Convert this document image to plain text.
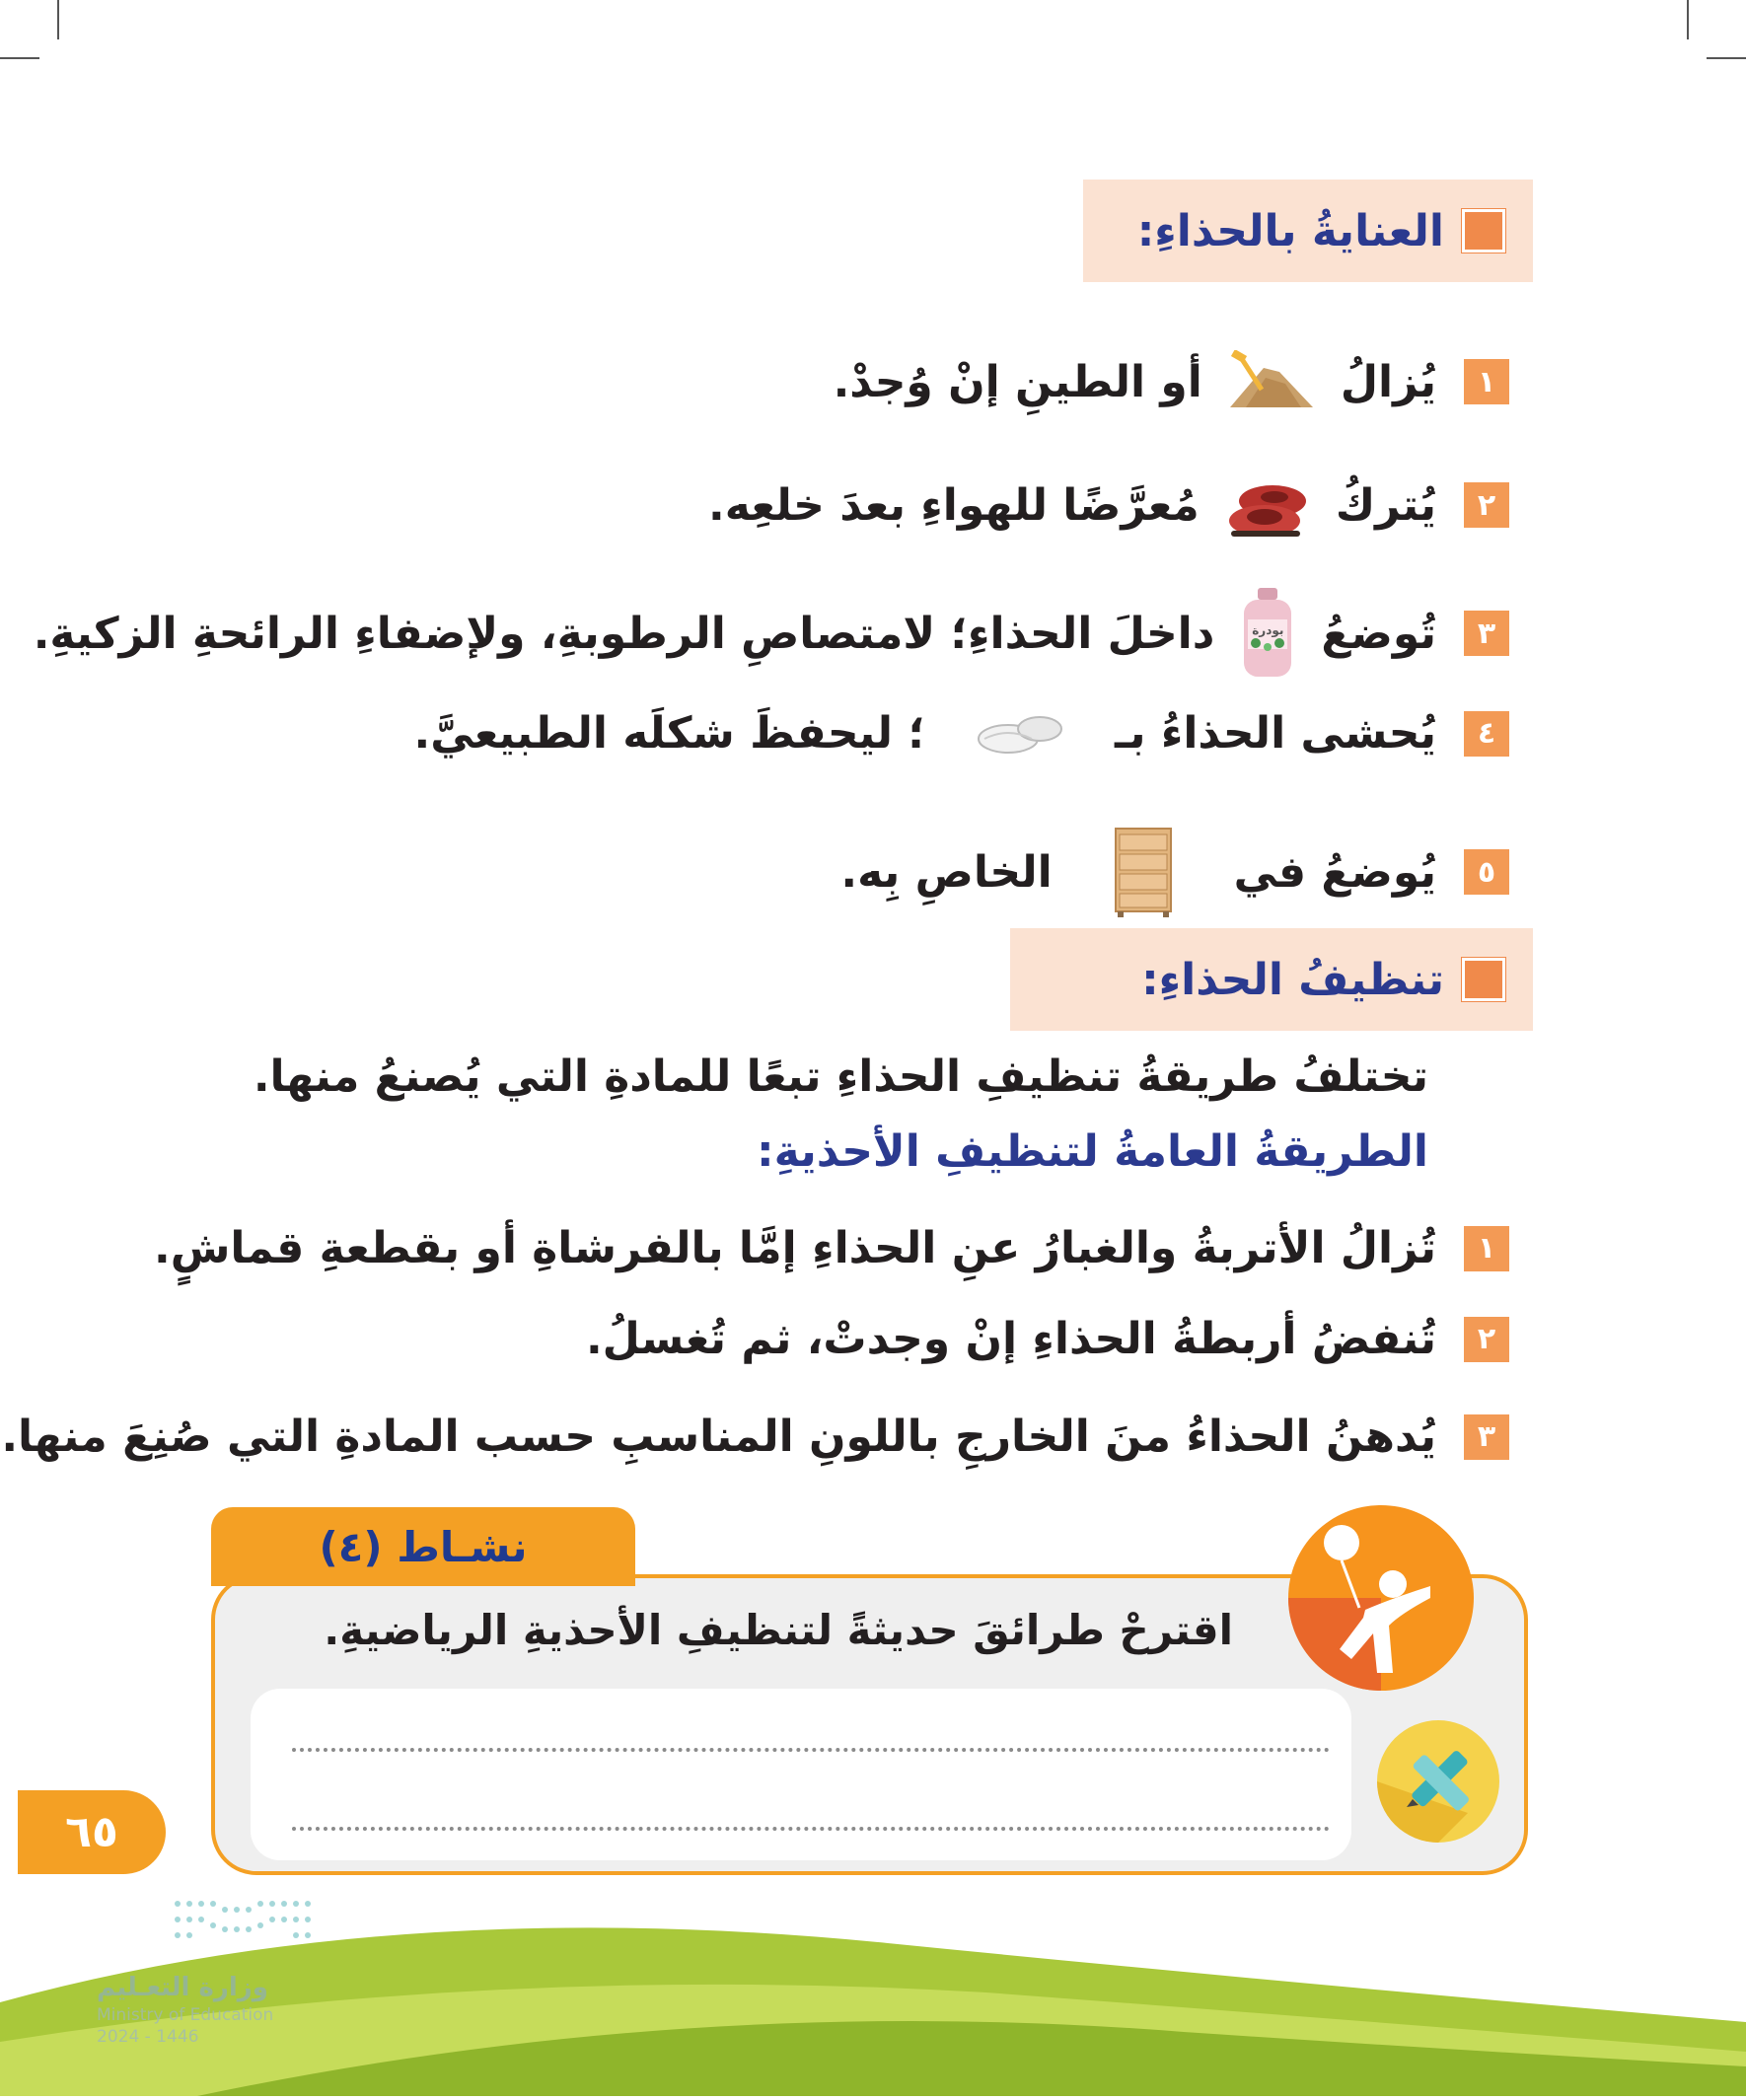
العنايةُ بالحذاءِ:
١
يُزالُ
أو الطينِ إنْ وُجدْ.
٢
يُتركُ
مُعرَّضًا للهواءِ بعدَ خلعِه.
٣
تُوضعُ
بودرة
داخلَ الحذاءِ؛ لامتصاصِ الرطوبةِ، ولإضفاءِ الرائحةِ الزكيةِ.
٤
يُحشى الحذاءُ بـ
؛ ليحفظَ شكلَه الطبيعيَّ.
٥
يُوضعُ في
الخاصِ بِه.
تنظيفُ الحذاءِ:
تختلفُ طريقةُ تنظيفِ الحذاءِ تبعًا للمادةِ التي يُصنعُ منها.
الطريقةُ العامةُ لتنظيفِ الأحذيةِ:
١
تُزالُ الأتربةُ والغبارُ عنِ الحذاءِ إمَّا بالفرشاةِ أو بقطعةِ قماشٍ.
٢
تُنفضُ أربطةُ الحذاءِ إنْ وجدتْ، ثم تُغسلُ.
٣
يُدهنُ الحذاءُ منَ الخارجِ باللونِ المناسبِ حسب المادةِ التي صُنِعَ منها.
نشـاط (٤)
اقترحْ طرائقَ حديثةً لتنظيفِ الأحذيةِ الرياضيةِ.
٦٥
وزارة التعـليم
Ministry of Education
2024 - 1446
